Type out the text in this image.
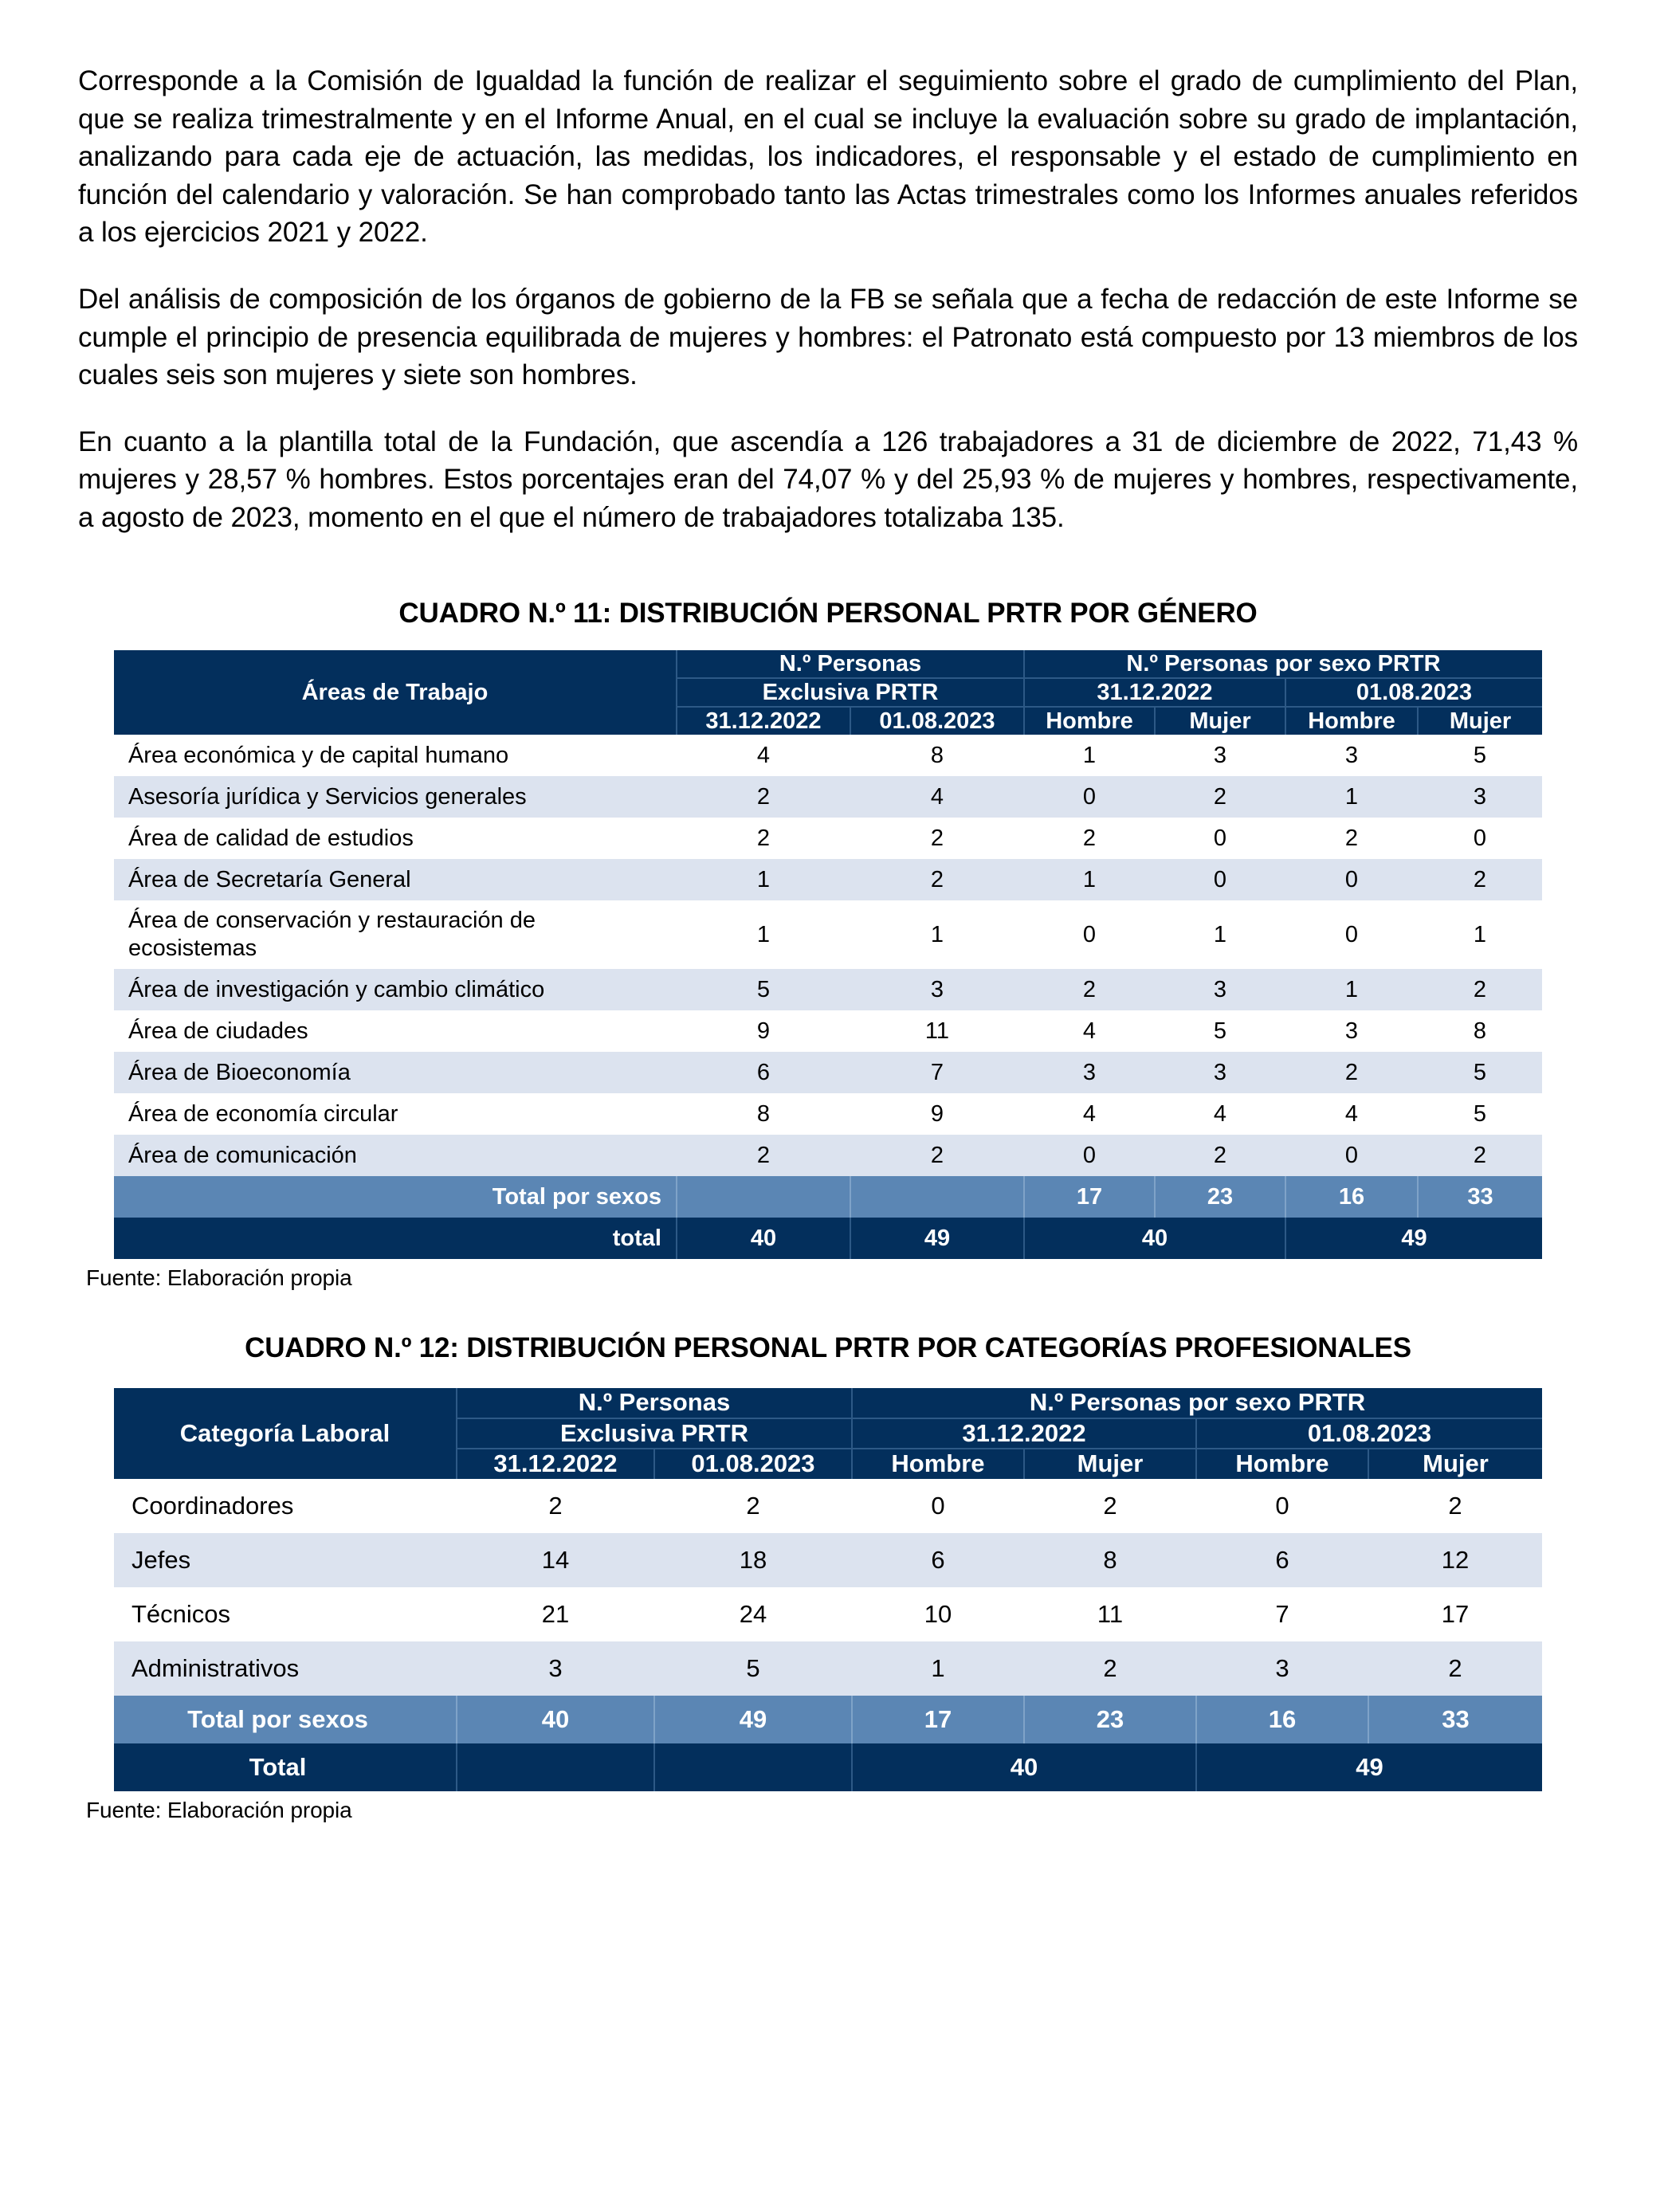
Corresponde a la Comisión de Igualdad la función de realizar el seguimiento sobre el grado de cumplimiento del Plan, que se realiza trimestralmente y en el Informe Anual, en el cual se incluye la evaluación sobre su grado de implantación, analizando para cada eje de actuación, las medidas, los indicadores, el responsable y el estado de cumplimiento en función del calendario y valoración. Se han comprobado tanto las Actas trimestrales como los Informes anuales referidos a los ejercicios 2021 y 2022.

Del análisis de composición de los órganos de gobierno de la FB se señala que a fecha de redacción de este Informe se cumple el principio de presencia equilibrada de mujeres y hombres: el Patronato está compuesto por 13 miembros de los cuales seis son mujeres y siete son hombres.

En cuanto a la plantilla total de la Fundación, que ascendía a 126 trabajadores a 31 de diciembre de 2022, 71,43 % mujeres y 28,57 % hombres. Estos porcentajes eran del 74,07 % y del 25,93 % de mujeres y hombres, respectivamente, a agosto de 2023, momento en el que el número de trabajadores totalizaba 135.

CUADRO N.º 11: DISTRIBUCIÓN PERSONAL PRTR POR GÉNERO
Áreas de Trabajo	N.º Personas		N.º Personas por sexo PRTR			
	Exclusiva PRTR		31.12.2022		01.08.2023	
	31.12.2022	01.08.2023	Hombre	Mujer	Hombre	Mujer
Área económica y de capital humano	4	8	1	3	3	5
Asesoría jurídica y Servicios generales	2	4	0	2	1	3
Área de calidad de estudios	2	2	2	0	2	0
Área de Secretaría General	1	2	1	0	0	2
Área de conservación y restauración de ecosistemas	1	1	0	1	0	1
Área de investigación y cambio climático	5	3	2	3	1	2
Área de ciudades	9	11	4	5	3	8
Área de Bioeconomía	6	7	3	3	2	5
Área de economía circular	8	9	4	4	4	5
Área de comunicación	2	2	0	2	0	2
Total por sexos			17	23	16	33
total	40	49	40		49	

Fuente: Elaboración propia

CUADRO N.º 12: DISTRIBUCIÓN PERSONAL PRTR POR CATEGORÍAS PROFESIONALES
Categoría Laboral	N.º Personas		N.º Personas por sexo PRTR			
	Exclusiva PRTR		31.12.2022		01.08.2023	
	31.12.2022	01.08.2023	Hombre	Mujer	Hombre	Mujer
Coordinadores	2	2	0	2	0	2
Jefes	14	18	6	8	6	12
Técnicos	21	24	10	11	7	17
Administrativos	3	5	1	2	3	2
Total por sexos	40	49	17	23	16	33
Total			40		49	

Fuente: Elaboración propia
